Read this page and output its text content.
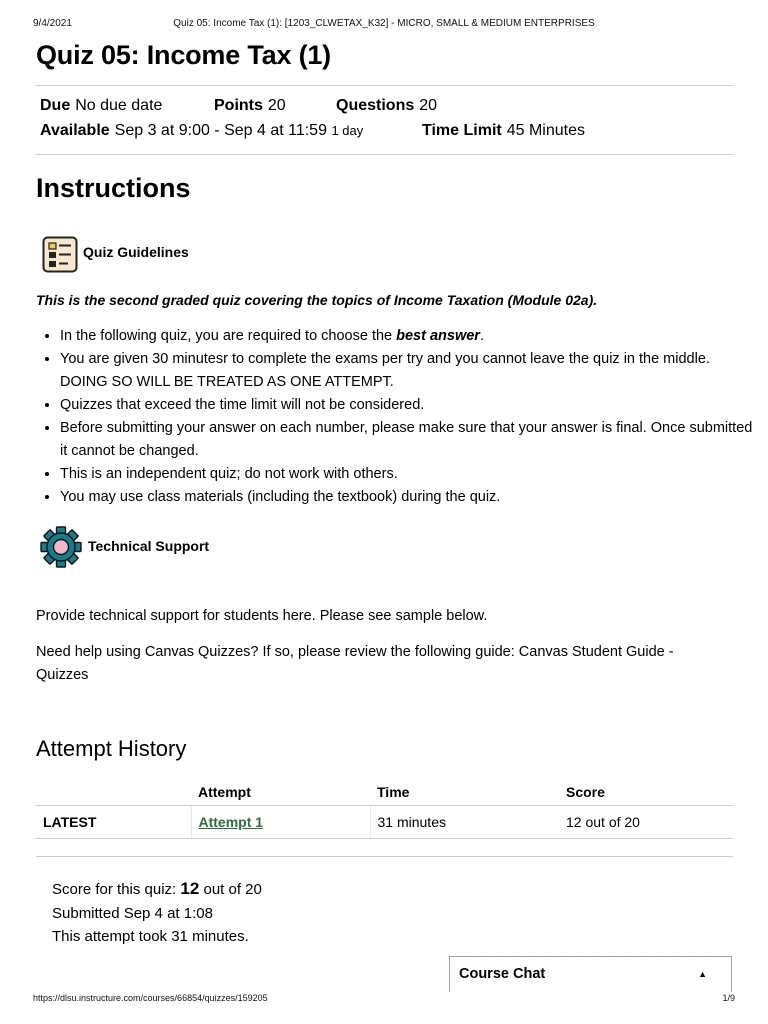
9/4/2021	Quiz 05: Income Tax (1): [1203_CLWETAX_K32] - MICRO, SMALL & MEDIUM ENTERPRISES
Quiz 05: Income Tax (1)
Due No due date	Points 20	Questions 20
Available Sep 3 at 9:00 - Sep 4 at 11:59 1 day	Time Limit 45 Minutes
Instructions
Quiz Guidelines
This is the second graded quiz covering the topics of Income Taxation (Module 02a).
• In the following quiz, you are required to choose the best answer.
• You are given 30 minutesr to complete the exams per try and you cannot leave the quiz in the middle. DOING SO WILL BE TREATED AS ONE ATTEMPT.
• Quizzes that exceed the time limit will not be considered.
• Before submitting your answer on each number, please make sure that your answer is final. Once submitted it cannot be changed.
• This is an independent quiz; do not work with others.
• You may use class materials (including the textbook) during the quiz.
Technical Support
Provide technical support for students here. Please see sample below.
Need help using Canvas Quizzes? If so, please review the following guide: Canvas Student Guide - Quizzes
Attempt History
	Attempt	Time	Score
LATEST	Attempt 1	31 minutes	12 out of 20
Score for this quiz: 12 out of 20
Submitted Sep 4 at 1:08
This attempt took 31 minutes.
Course Chat	▲
https://dlsu.instructure.com/courses/66854/quizzes/159205	1/9
